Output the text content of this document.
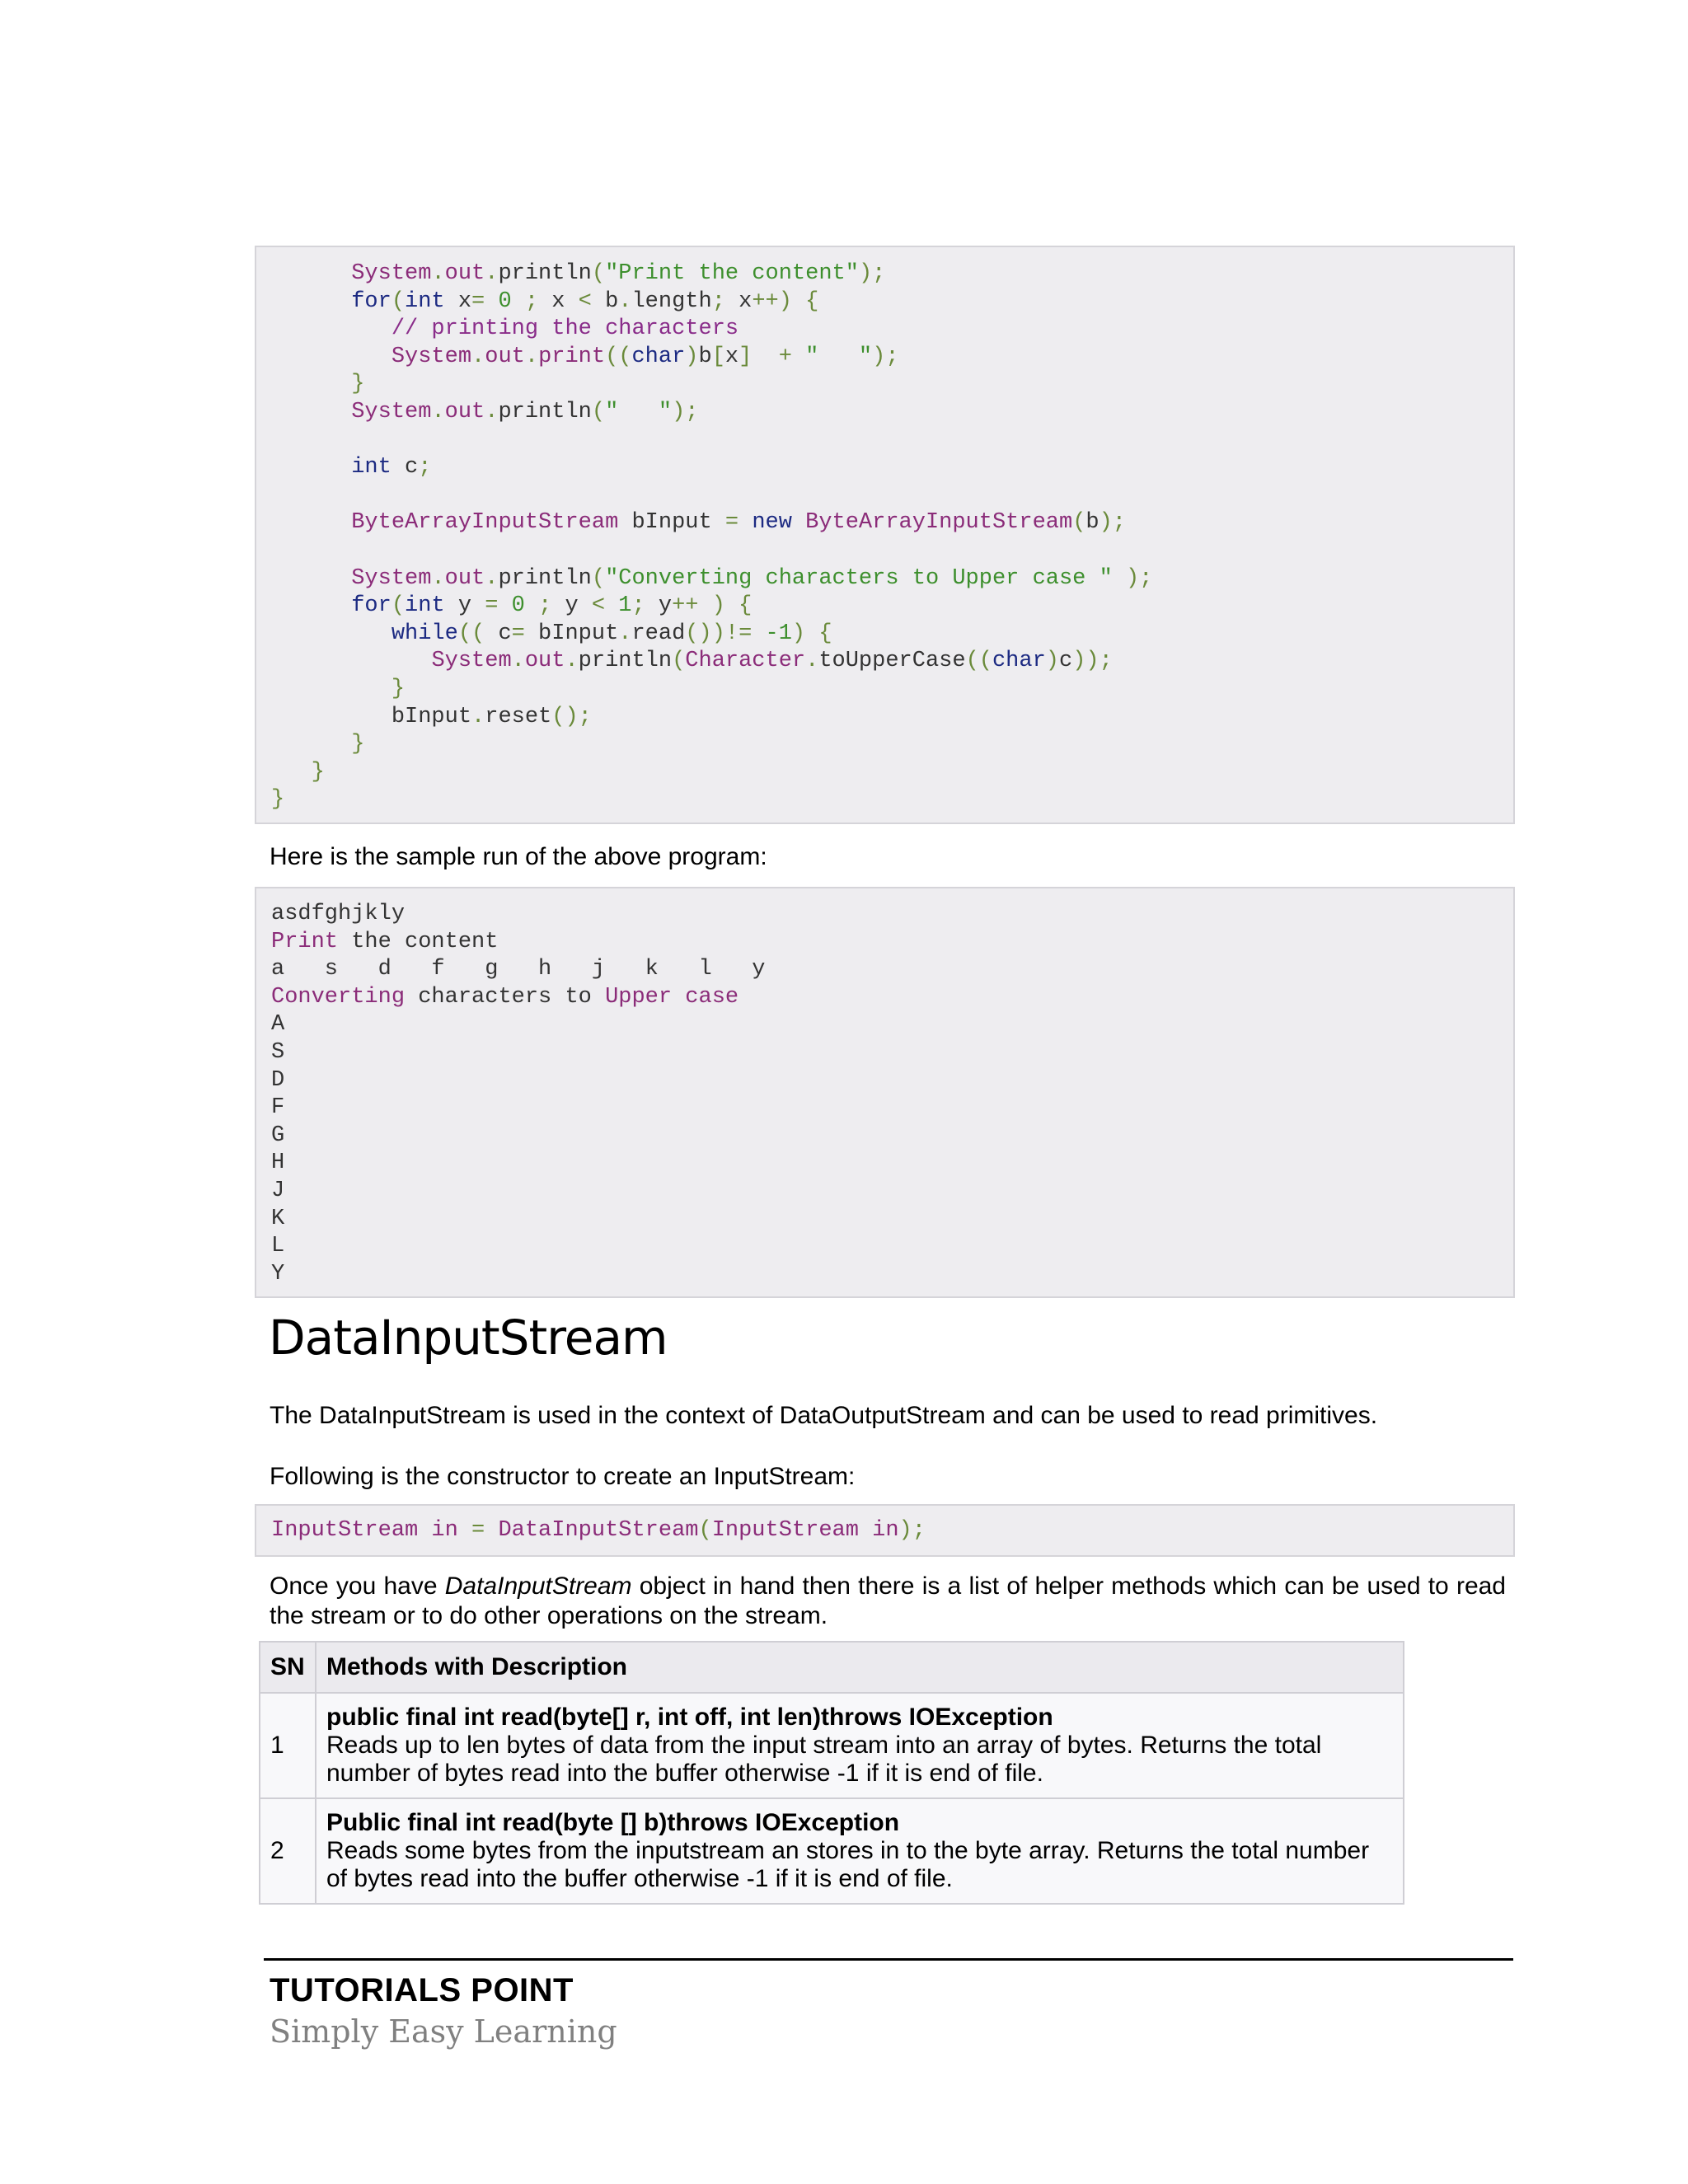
System.out.println("Print the content");
for(int x= 0 ; x < b.length; x++) {
// printing the characters
System.out.print((char)b[x]  + "   ");
}
System.out.println("   ");
int c;
ByteArrayInputStream bInput = new ByteArrayInputStream(b);
System.out.println("Converting characters to Upper case " );
for(int y = 0 ; y < 1; y++ ) {
while(( c= bInput.read())!= -1) {
System.out.println(Character.toUpperCase((char)c));
}
bInput.reset();
}
}
}

Here is the sample run of the above program:

asdfghjkly
Print the content
a   s   d   f   g   h   j   k   l   y
Converting characters to Upper case
A
S
D
F
G
H
J
K
L
Y
DataInputStream

The DataInputStream is used in the context of DataOutputStream and can be used to read primitives.

Following is the constructor to create an InputStream:

InputStream in = DataInputStream(InputStream in);

Once you have DataInputStream object in hand then there is a list of helper methods which can be used to read the stream or to do other operations on the stream.

SN	Methods with Description
1	public final int read(byte[] r, int off, int len)throws IOException
Reads up to len bytes of data from the input stream into an array of bytes. Returns the total number of bytes read into the buffer otherwise -1 if it is end of file.
2	Public final int read(byte [] b)throws IOException
Reads some bytes from the inputstream an stores in to the byte array. Returns the total number of bytes read into the buffer otherwise -1 if it is end of file.
TUTORIALS POINT
Simply Easy Learning
